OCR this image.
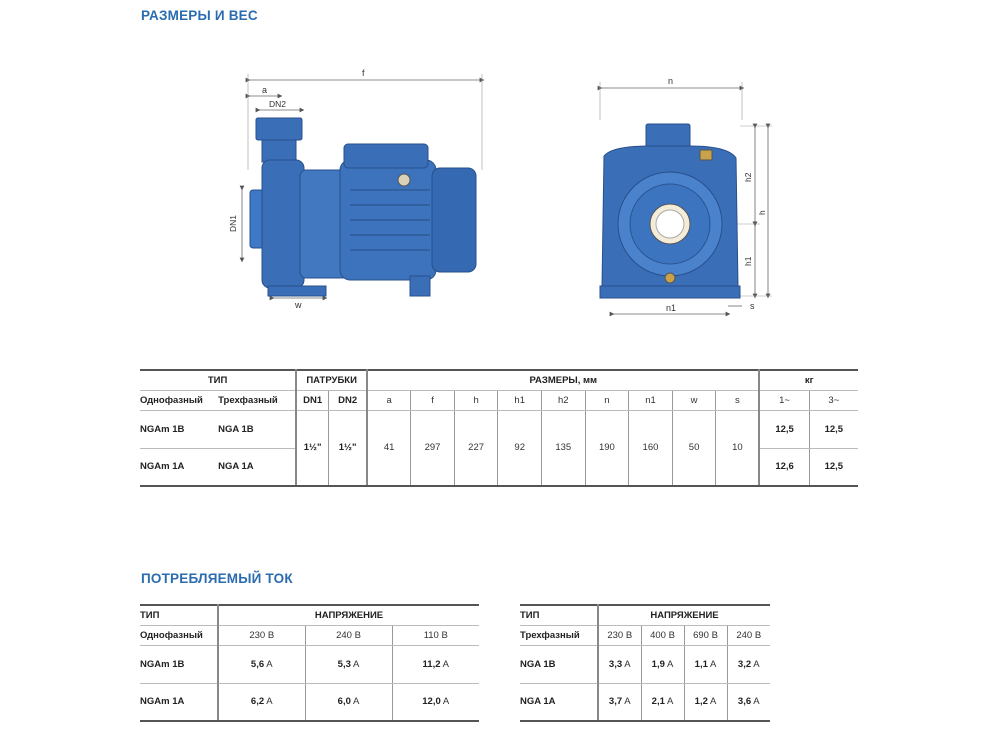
РАЗМЕРЫ И ВЕС
f
a
DN2
DN1
w
n
h2
h
h1
n1	s
ТИП		ПАТРУБКИ		РАЗМЕРЫ, мм									кг	
Однофазный	Трехфазный	DN1	DN2	a	f	h	h1	h2	n	n1	w	s	1~	3~
NGAm 1B	NGA 1B	1½"	1½"	41	297	227	92	135	190	160	50	10	12,5	12,5
NGAm 1A	NGA 1A												12,6	12,5
ПОТРЕБЛЯЕМЫЙ ТОК
ТИП	НАПРЯЖЕНИЕ		
Однофазный	230 В	240 В	110 В
NGAm 1B	5,6 A	5,3 A	11,2 A
NGAm 1A	6,2 A	6,0 A	12,0 A
ТИП	НАПРЯЖЕНИЕ			
Трехфазный	230 В	400 В	690 В	240 В
NGA 1B	3,3 A	1,9 A	1,1 A	3,2 A
NGA 1A	3,7 A	2,1 A	1,2 A	3,6 A
